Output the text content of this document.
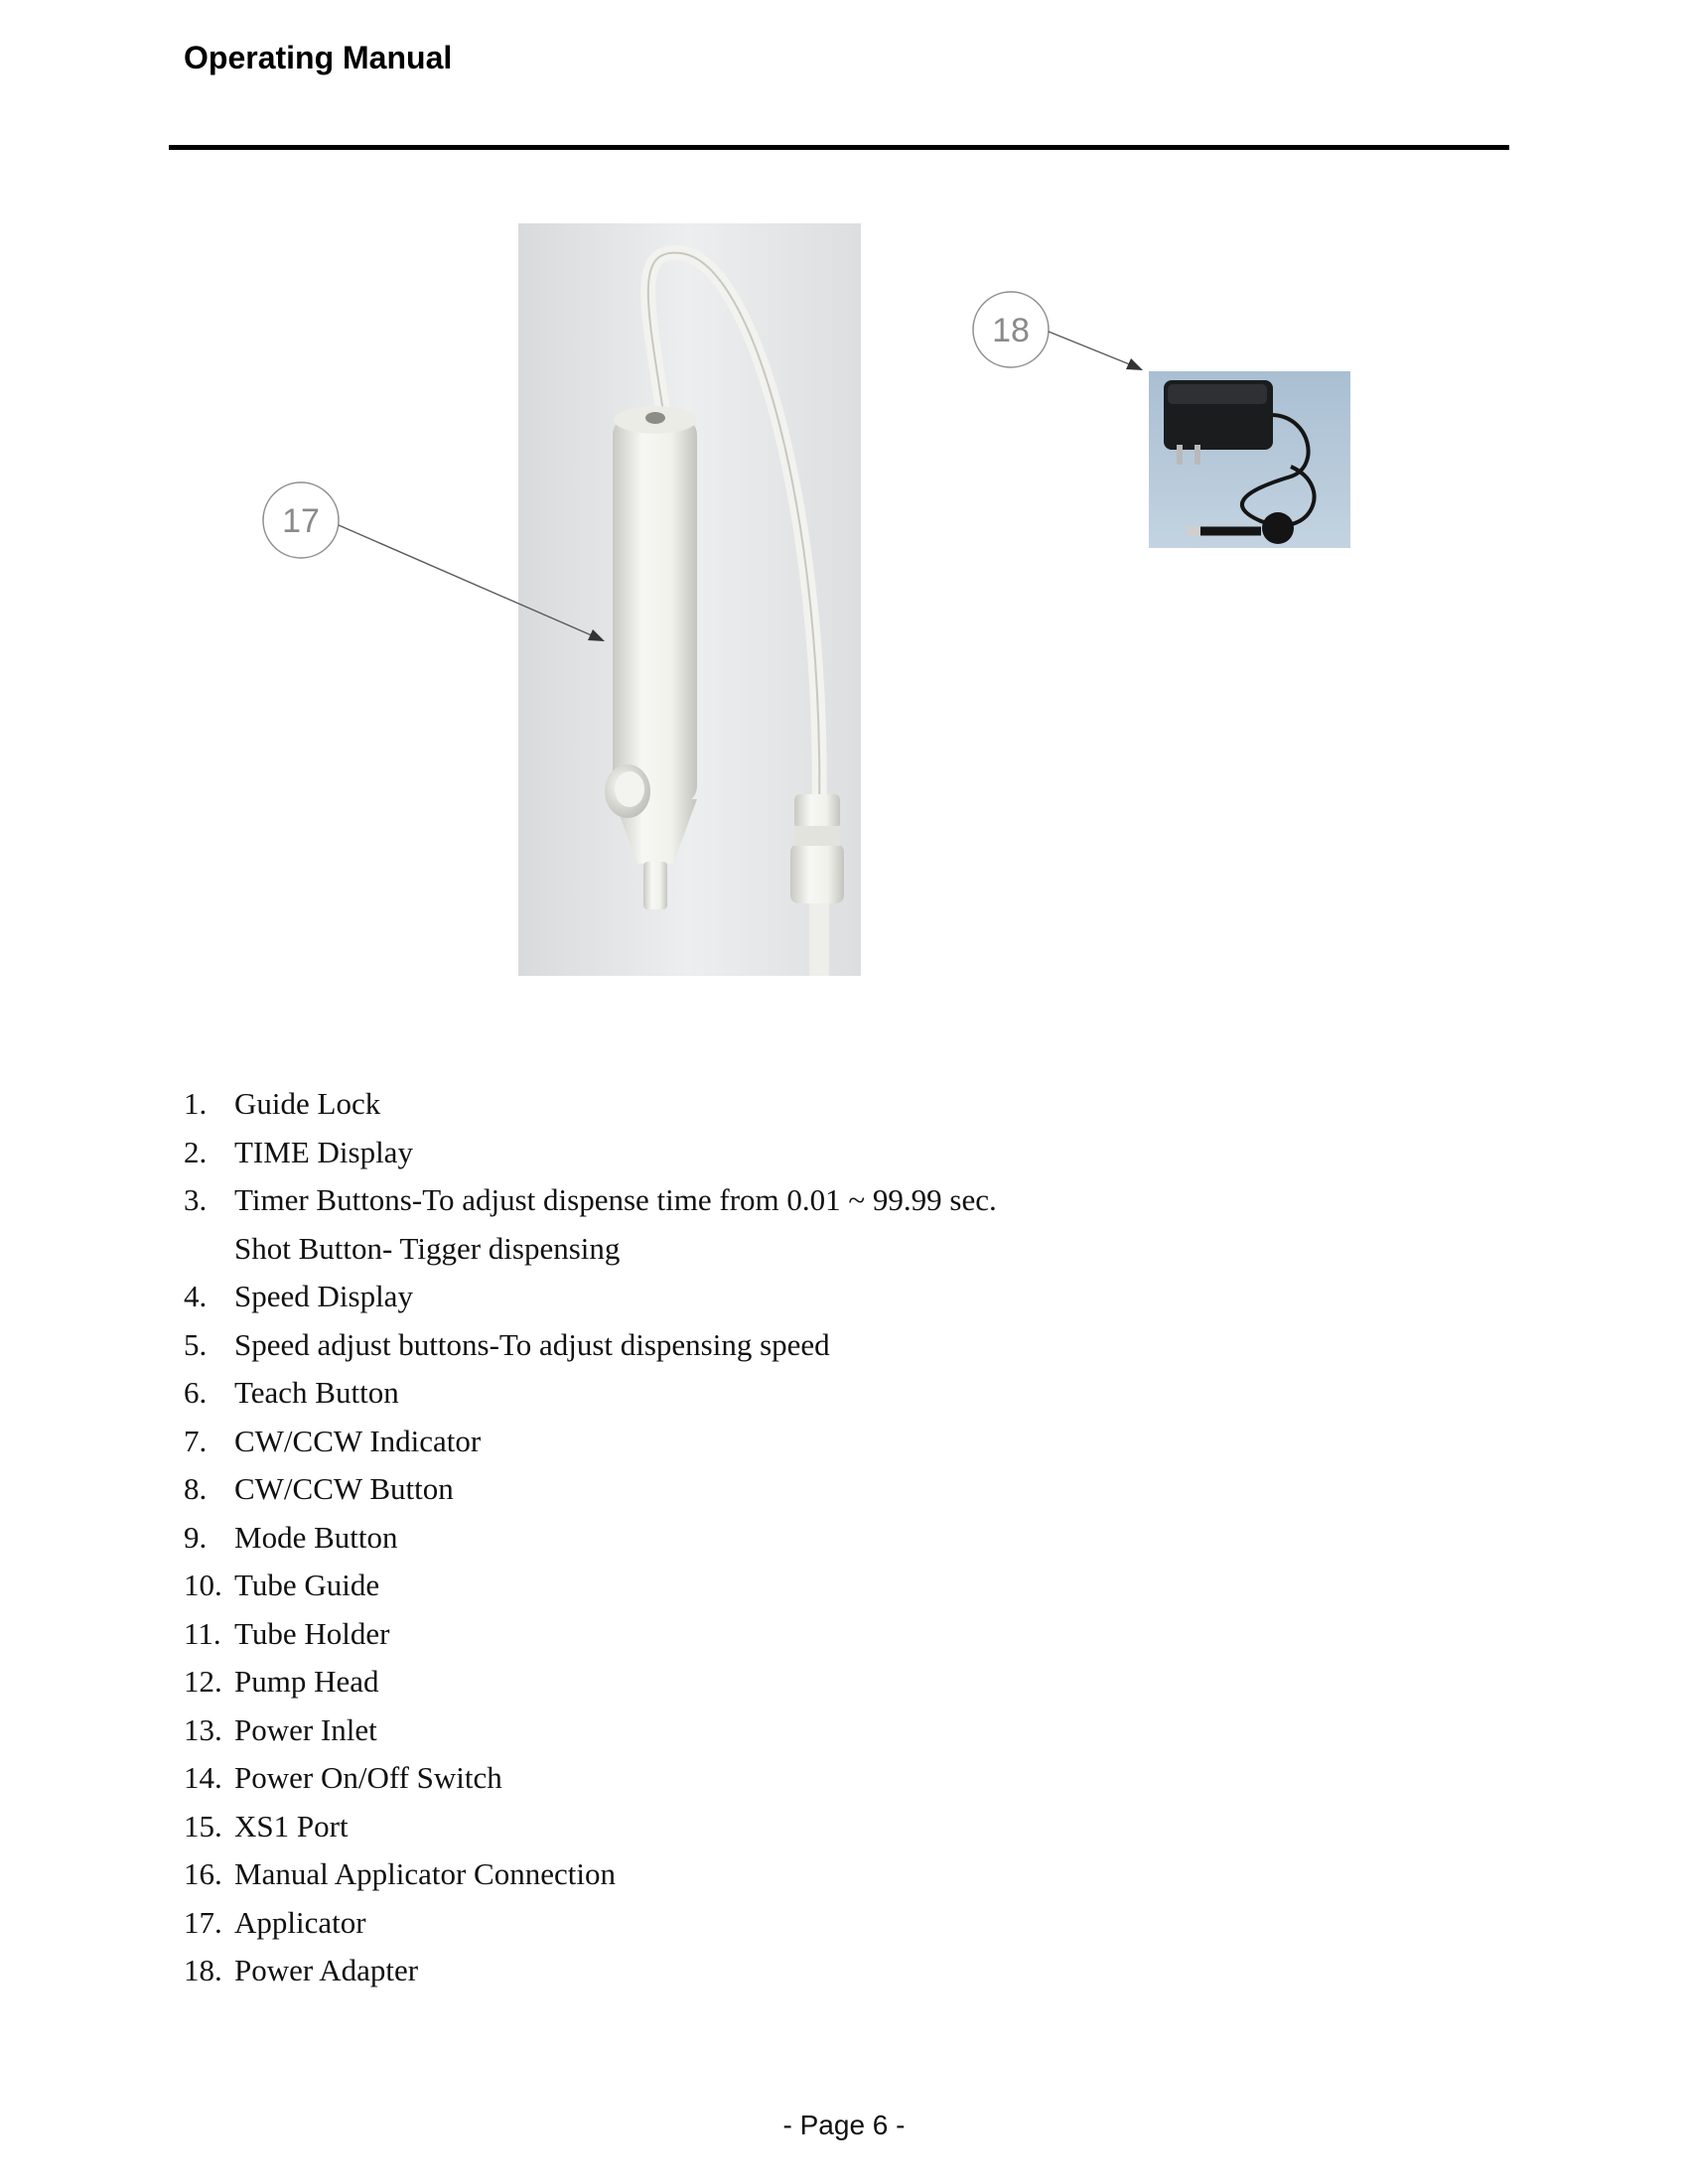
Operating Manual
17
18
1. Guide Lock
2. TIME Display
3. Timer Buttons-To adjust dispense time from 0.01 ~ 99.99 sec.
Shot Button- Tigger dispensing
4. Speed Display
5. Speed adjust buttons-To adjust dispensing speed
6. Teach Button
7. CW/CCW Indicator
8. CW/CCW Button
9. Mode Button
10. Tube Guide
11. Tube Holder
12. Pump Head
13. Power Inlet
14. Power On/Off Switch
15. XS1 Port
16. Manual Applicator Connection
17. Applicator
18. Power Adapter
- Page 6 -
